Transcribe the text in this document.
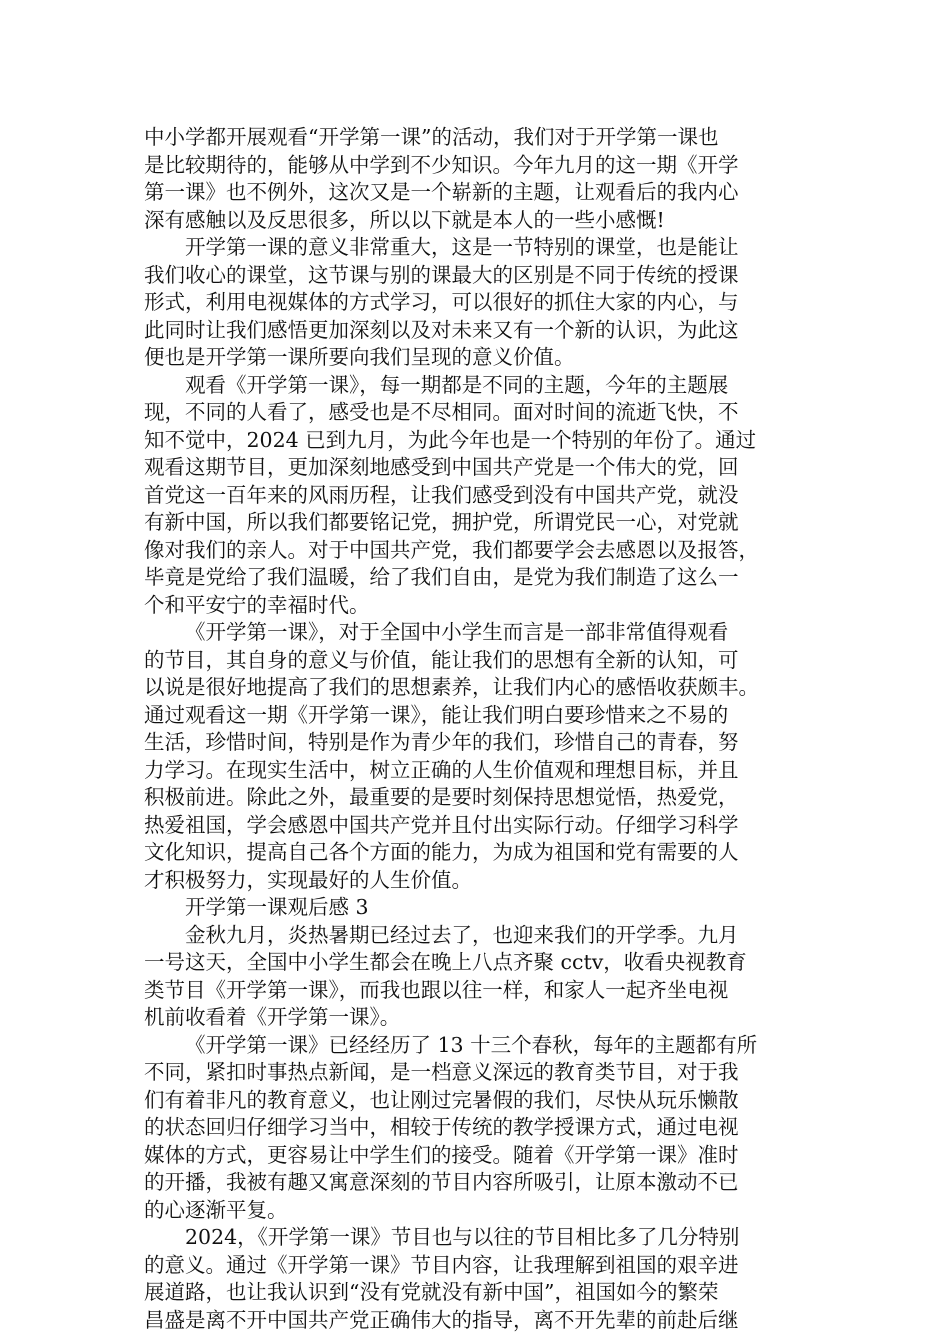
中小学都开展观看“开学第一课”的活动，我们对于开学第一课也
是比较期待的，能够从中学到不少知识。今年九月的这一期《开学
第一课》也不例外，这次又是一个崭新的主题，让观看后的我内心
深有感触以及反思很多，所以以下就是本人的一些小感慨!
开学第一课的意义非常重大，这是一节特别的课堂，也是能让
我们收心的课堂，这节课与别的课最大的区别是不同于传统的授课
形式，利用电视媒体的方式学习，可以很好的抓住大家的内心，与
此同时让我们感悟更加深刻以及对未来又有一个新的认识，为此这
便也是开学第一课所要向我们呈现的意义价值。
观看《开学第一课》，每一期都是不同的主题，今年的主题展
现，不同的人看了，感受也是不尽相同。面对时间的流逝飞快，不
知不觉中，2024 已到九月，为此今年也是一个特别的年份了。通过
观看这期节目，更加深刻地感受到中国共产党是一个伟大的党，回
首党这一百年来的风雨历程，让我们感受到没有中国共产党，就没
有新中国，所以我们都要铭记党，拥护党，所谓党民一心，对党就
像对我们的亲人。对于中国共产党，我们都要学会去感恩以及报答，
毕竟是党给了我们温暖，给了我们自由，是党为我们制造了这么一
个和平安宁的幸福时代。
《开学第一课》，对于全国中小学生而言是一部非常值得观看
的节目，其自身的意义与价值，能让我们的思想有全新的认知，可
以说是很好地提高了我们的思想素养，让我们内心的感悟收获颇丰。
通过观看这一期《开学第一课》，能让我们明白要珍惜来之不易的
生活，珍惜时间，特别是作为青少年的我们，珍惜自己的青春，努
力学习。在现实生活中，树立正确的人生价值观和理想目标，并且
积极前进。除此之外，最重要的是要时刻保持思想觉悟，热爱党，
热爱祖国，学会感恩中国共产党并且付出实际行动。仔细学习科学
文化知识，提高自己各个方面的能力，为成为祖国和党有需要的人
才积极努力，实现最好的人生价值。
开学第一课观后感 3
金秋九月，炎热暑期已经过去了，也迎来我们的开学季。九月
一号这天，全国中小学生都会在晚上八点齐聚 cctv，收看央视教育
类节目《开学第一课》，而我也跟以往一样，和家人一起齐坐电视
机前收看着《开学第一课》。
《开学第一课》已经经历了 13 十三个春秋，每年的主题都有所
不同，紧扣时事热点新闻，是一档意义深远的教育类节目，对于我
们有着非凡的教育意义，也让刚过完暑假的我们，尽快从玩乐懒散
的状态回归仔细学习当中，相较于传统的教学授课方式，通过电视
媒体的方式，更容易让中学生们的接受。随着《开学第一课》准时
的开播，我被有趣又寓意深刻的节目内容所吸引，让原本激动不已
的心逐渐平复。
2024，《开学第一课》节目也与以往的节目相比多了几分特别
的意义。通过《开学第一课》节目内容，让我理解到祖国的艰辛进
展道路，也让我认识到“没有党就没有新中国”，祖国如今的繁荣
昌盛是离不开中国共产党正确伟大的指导，离不开先辈的前赴后继
